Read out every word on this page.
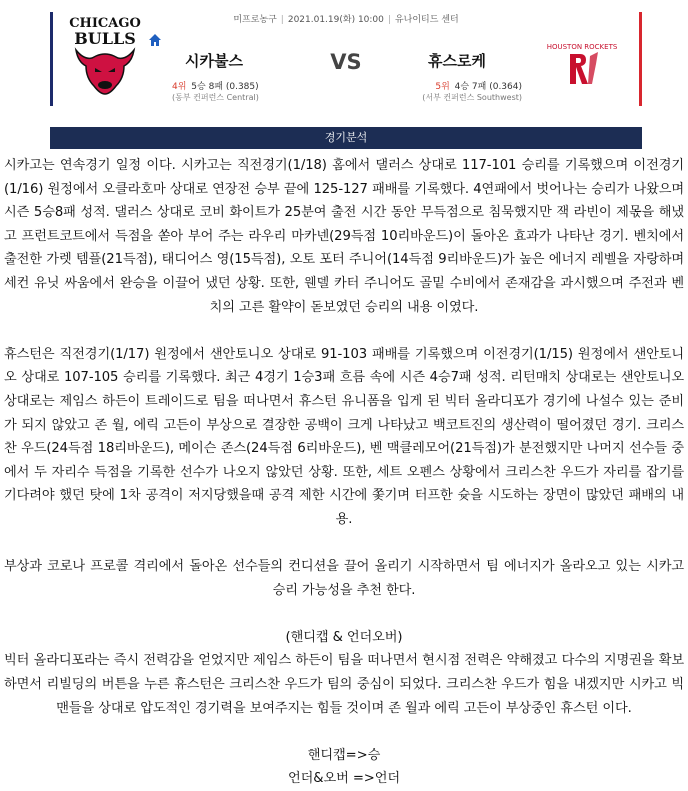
미프로농구 | 2021.01.19(화) 10:00 | 유나이티드 센터
CHICAGO
BULLS
시카불스
4위 5승 8패 (0.385)
(동부 컨퍼런스 Central)
VS	휴스로케
5위 4승 7패 (0.364)
(서부 컨퍼런스 Southwest)
HOUSTON ROCKETS
경기분석

시카고는 연속경기 일정 이다. 시카고는 직전경기(1/18) 홈에서 댈러스 상대로 117-101 승리를 기록했으며 이전경기(1/16) 원정에서 오클라호마 상대로 연장전 승부 끝에 125-127 패배를 기록했다. 4연패에서 벗어나는 승리가 나왔으며 시즌 5승8패 성적. 댈러스 상대로 코비 화이트가 25분여 출전 시간 동안 무득점으로 침묵했지만 잭 라빈이 제몫을 해냈고 프런트코트에서 득점을 쏟아 부어 주는 라우리 마카넨(29득점 10리바운드)이 돌아온 효과가 나타난 경기. 벤치에서 출전한 가렛 템플(21득점), 태디어스 영(15득점), 오토 포터 주니어(14득점 9리바운드)가 높은 에너지 레벨을 자랑하며 세컨 유닛 싸움에서 완승을 이끌어 냈던 상황. 또한, 웬델 카터 주니어도 골밑 수비에서 존재감을 과시했으며 주전과 벤치의 고른 활약이 돋보였던 승리의 내용 이였다.

휴스턴은 직전경기(1/17) 원정에서 샌안토니오 상대로 91-103 패배를 기록했으며 이전경기(1/15) 원정에서 샌안토니오 상대로 107-105 승리를 기록했다. 최근 4경기 1승3패 흐름 속에 시즌 4승7패 성적. 리턴매치 상대로는 샌안토니오 상대로는 제임스 하든이 트레이드로 팀을 떠나면서 휴스턴 유니폼을 입게 된 빅터 올라디포가 경기에 나설수 있는 준비가 되지 않았고 존 월, 에릭 고든이 부상으로 결장한 공백이 크게 나타났고 백코트진의 생산력이 떨어졌던 경기. 크리스찬 우드(24득점 18리바운드), 메이슨 존스(24득점 6리바운드), 벤 맥클레모어(21득점)가 분전했지만 나머지 선수들 중에서 두 자리수 득점을 기록한 선수가 나오지 않았던 상황. 또한, 세트 오펜스 상황에서 크리스찬 우드가 자리를 잡기를 기다려야 했던 탓에 1차 공격이 저지당했을때 공격 제한 시간에 쫓기며 터프한 슛을 시도하는 장면이 많았던 패배의 내용.

부상과 코로나 프로콜 격리에서 돌아온 선수들의 컨디션을 끌어 올리기 시작하면서 팀 에너지가 올라오고 있는 시카고 승리 가능성을 추천 한다.

(핸디캡 & 언더오버)

빅터 올라디포라는 즉시 전력감을 얻었지만 제임스 하든이 팀을 떠나면서 현시점 전력은 약해졌고 다수의 지명권을 확보하면서 리빌딩의 버튼을 누른 휴스턴은 크리스찬 우드가 팀의 중심이 되었다. 크리스찬 우드가 힘을 내겠지만 시카고 빅맨들을 상대로 압도적인 경기력을 보여주지는 힘들 것이며 존 월과 에릭 고든이 부상중인 휴스턴 이다.

핸디캡=>승

언더&오버 =>언더
